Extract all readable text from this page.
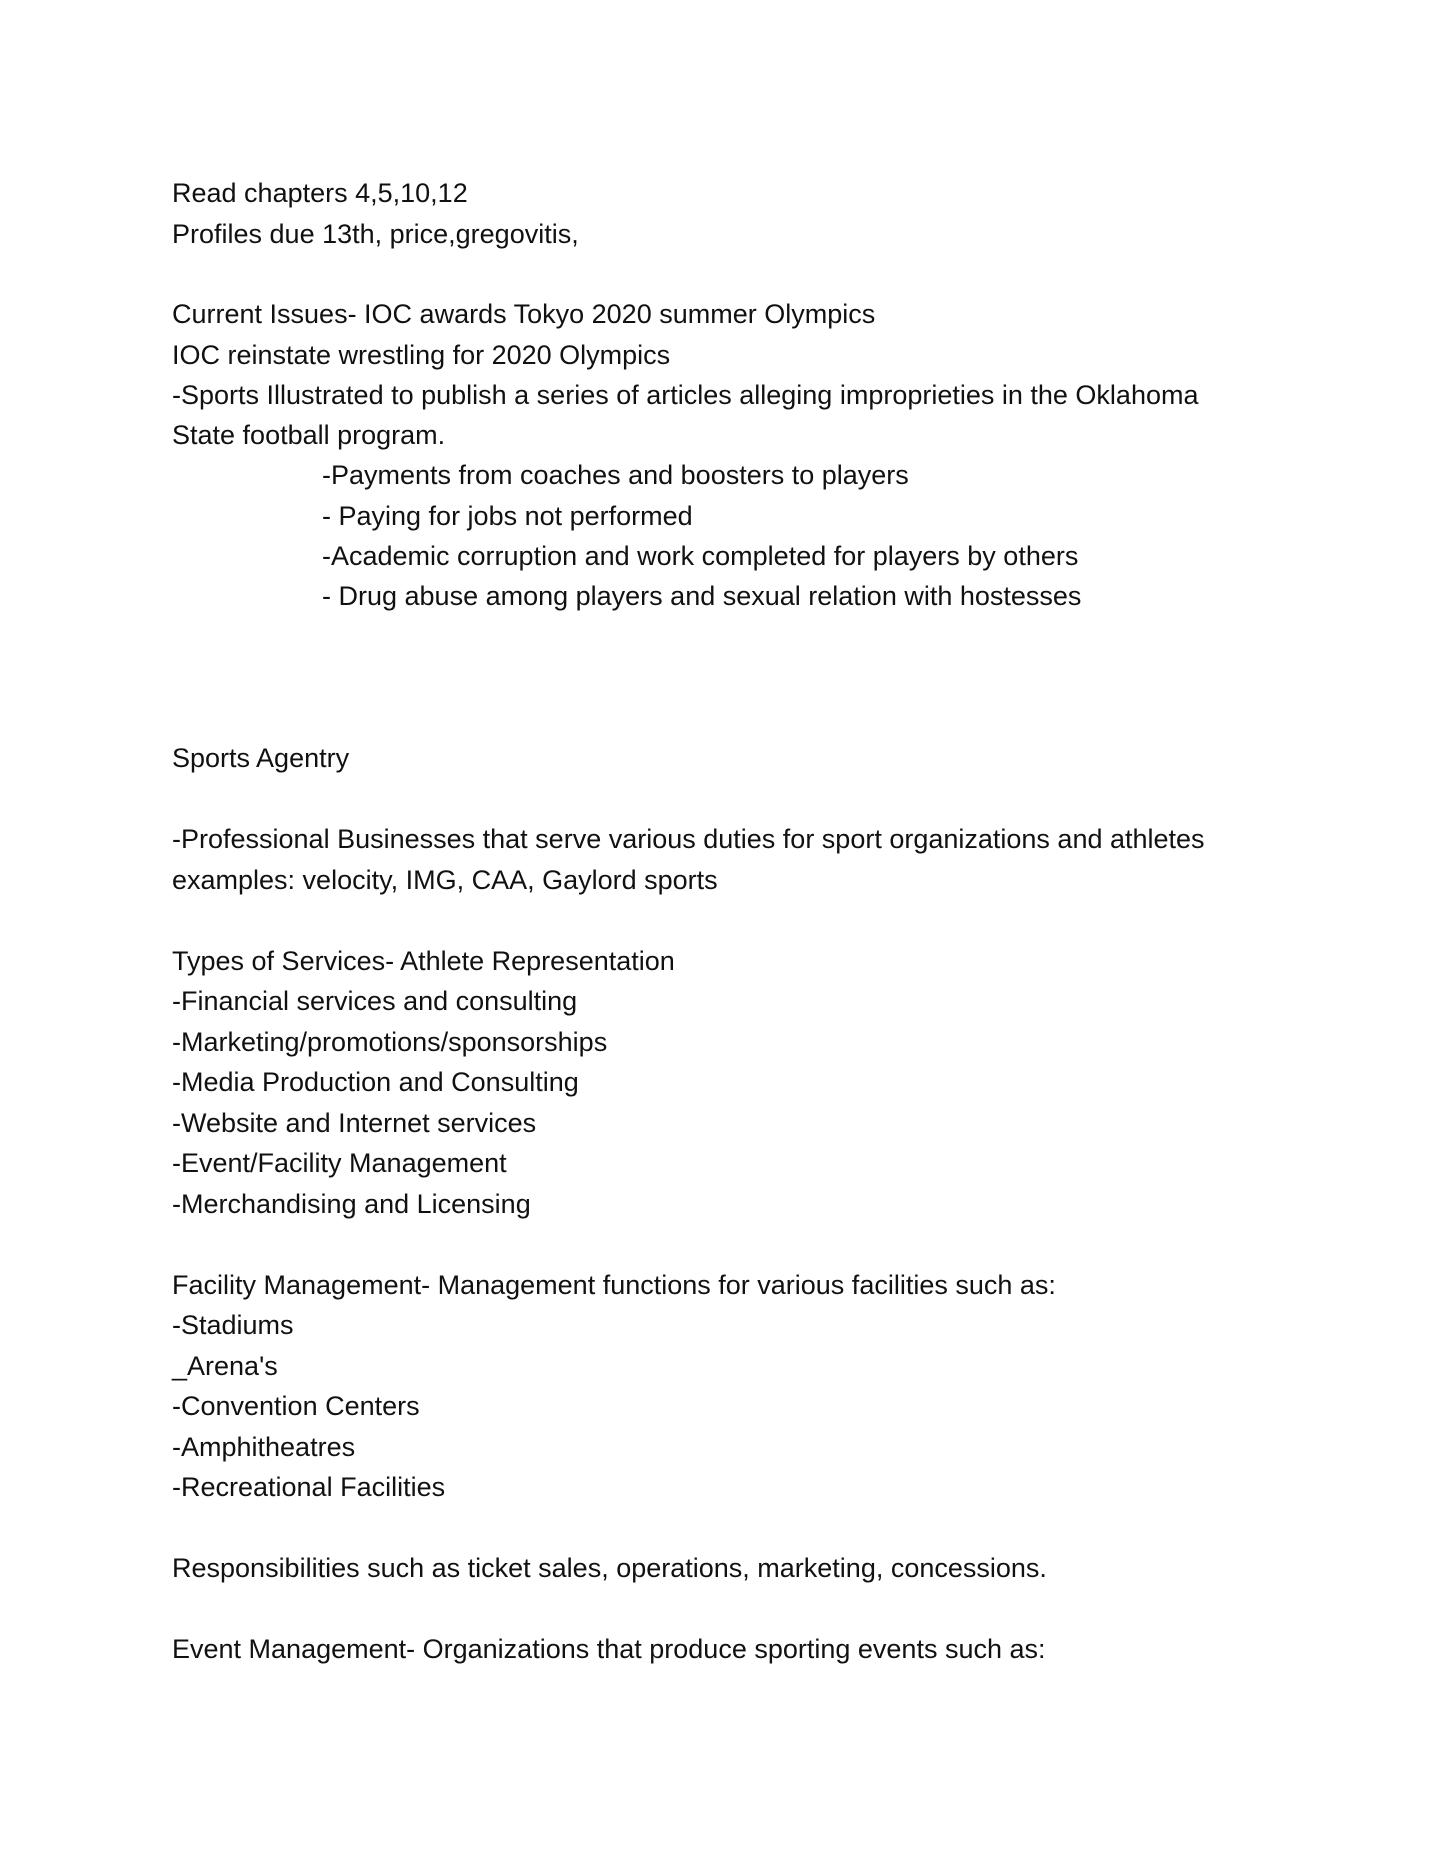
Read chapters 4,5,10,12
Profiles due 13th, price,gregovitis,
Current Issues- IOC awards Tokyo 2020 summer Olympics
IOC reinstate wrestling for 2020 Olympics
-Sports Illustrated to publish a series of articles alleging improprieties in the Oklahoma
State football program.
-Payments from coaches and boosters to players
- Paying for jobs not performed
-Academic corruption and work completed for players by others
- Drug abuse among players and sexual relation with hostesses
Sports Agentry
-Professional Businesses that serve various duties for sport organizations and athletes
examples: velocity, IMG, CAA, Gaylord sports
Types of Services- Athlete Representation
-Financial services and consulting
-Marketing/promotions/sponsorships
-Media Production and Consulting
-Website and Internet services
-Event/Facility Management
-Merchandising and Licensing
Facility Management- Management functions for various facilities such as:
-Stadiums
_Arena's
-Convention Centers
-Amphitheatres
-Recreational Facilities
Responsibilities such as ticket sales, operations, marketing, concessions.
Event Management- Organizations that produce sporting events such as:
